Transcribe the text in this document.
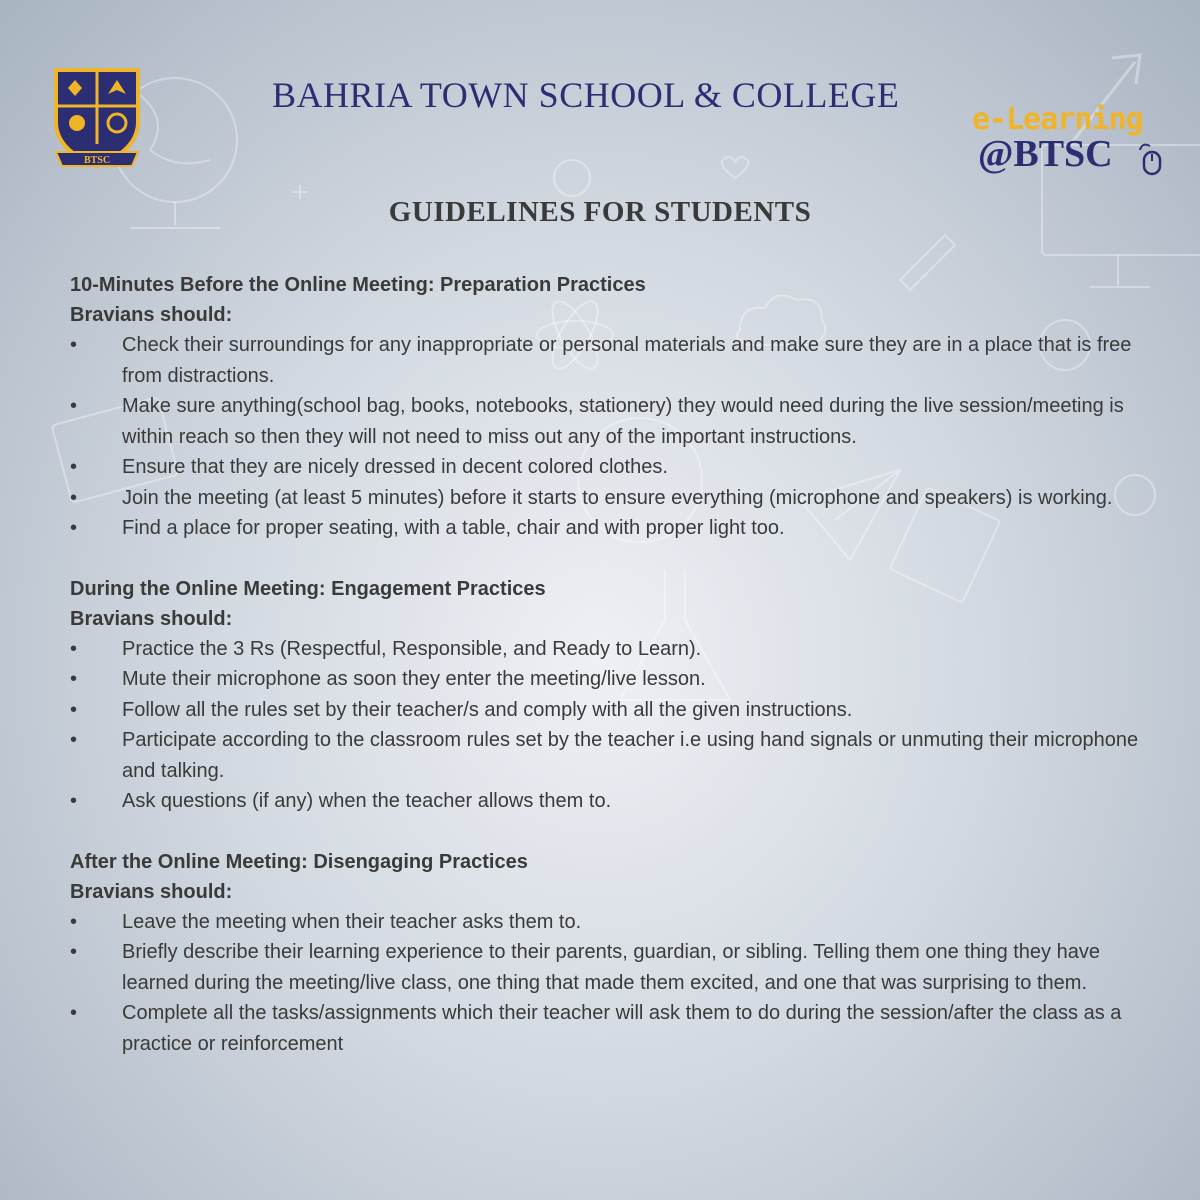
BTSC
BAHRIA TOWN SCHOOL & COLLEGE
e-Learning
@BTSC
GUIDELINES FOR STUDENTS

10-Minutes Before the Online Meeting: Preparation Practices

Bravians should:

• Check their surroundings for any inappropriate or personal materials and make sure they are in a place that is free from distractions.
• Make sure anything(school bag, books, notebooks, stationery) they would need during the live session/meeting is within reach so then they will not need to miss out any of the important instructions.
• Ensure that they are nicely dressed in decent colored clothes.
• Join the meeting (at least 5 minutes) before it starts to ensure everything (microphone and speakers) is working.
• Find a place for proper seating, with a table, chair and with proper light too.

During the Online Meeting: Engagement Practices

Bravians should:

• Practice the 3 Rs (Respectful, Responsible, and Ready to Learn).
• Mute their microphone as soon they enter the meeting/live lesson.
• Follow all the rules set by their teacher/s and comply with all the given instructions.
• Participate according to the classroom rules set by the teacher i.e using hand signals or unmuting their microphone and talking.
• Ask questions (if any) when the teacher allows them to.

After the Online Meeting: Disengaging Practices

Bravians should:

• Leave the meeting when their teacher asks them to.
• Briefly describe their learning experience to their parents, guardian, or sibling. Telling them one thing they have learned during the meeting/live class, one thing that made them excited, and one that was surprising to them.
• Complete all the tasks/assignments which their teacher will ask them to do during the session/after the class as a practice or reinforcement
